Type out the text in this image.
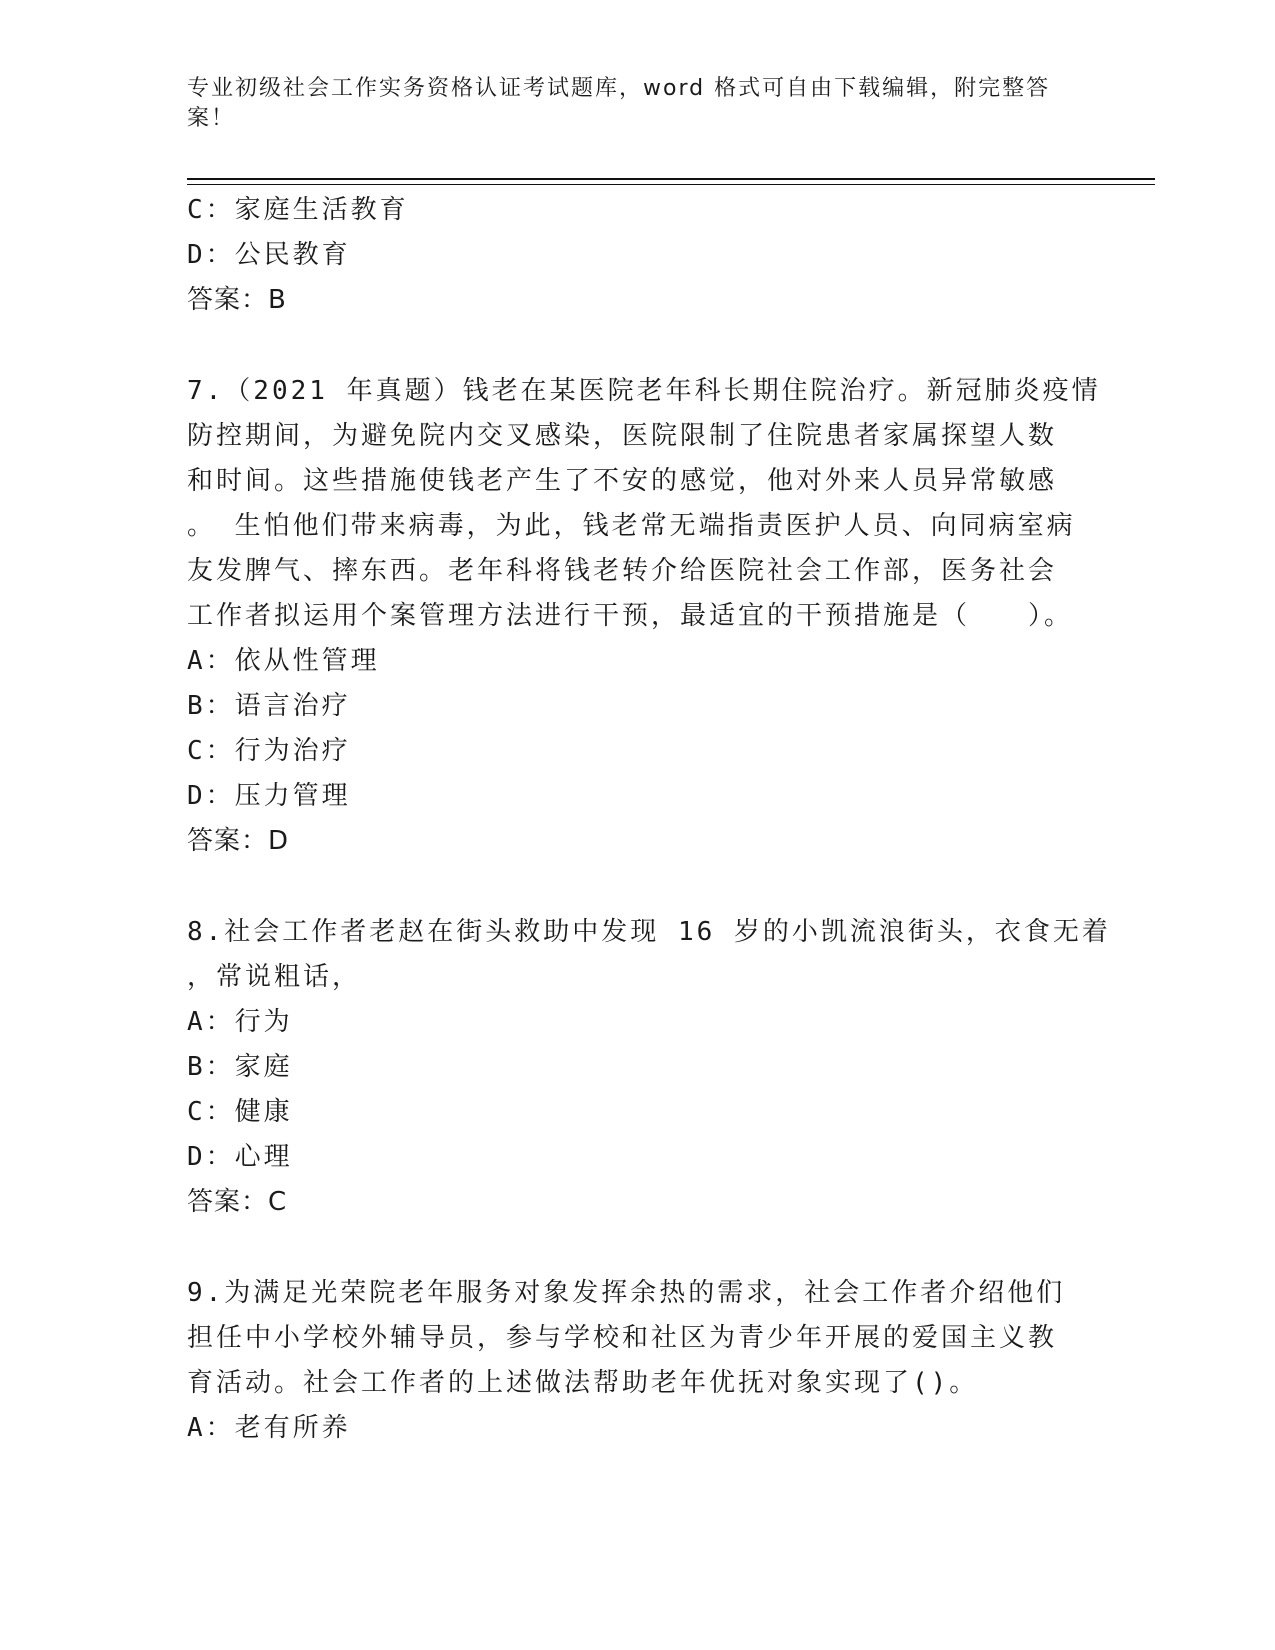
专业初级社会工作实务资格认证考试题库，word 格式可自由下载编辑，附完整答
案！
C：家庭生活教育
D：公民教育
答案：B
7.（2021 年真题）钱老在某医院老年科长期住院治疗。新冠肺炎疫情
防控期间，为避免院内交叉感染，医院限制了住院患者家属探望人数
和时间。这些措施使钱老产生了不安的感觉，他对外来人员异常敏感
。 生怕他们带来病毒，为此，钱老常无端指责医护人员、向同病室病
友发脾气、摔东西。老年科将钱老转介给医院社会工作部，医务社会
工作者拟运用个案管理方法进行干预，最适宜的干预措施是（　　）。
A：依从性管理
B：语言治疗
C：行为治疗
D：压力管理
答案：D
8.社会工作者老赵在街头救助中发现 16 岁的小凯流浪街头，衣食无着
，常说粗话，
A：行为
B：家庭
C：健康
D：心理
答案：C
9.为满足光荣院老年服务对象发挥余热的需求，社会工作者介绍他们
担任中小学校外辅导员，参与学校和社区为青少年开展的爱国主义教
育活动。社会工作者的上述做法帮助老年优抚对象实现了()。
A：老有所养
